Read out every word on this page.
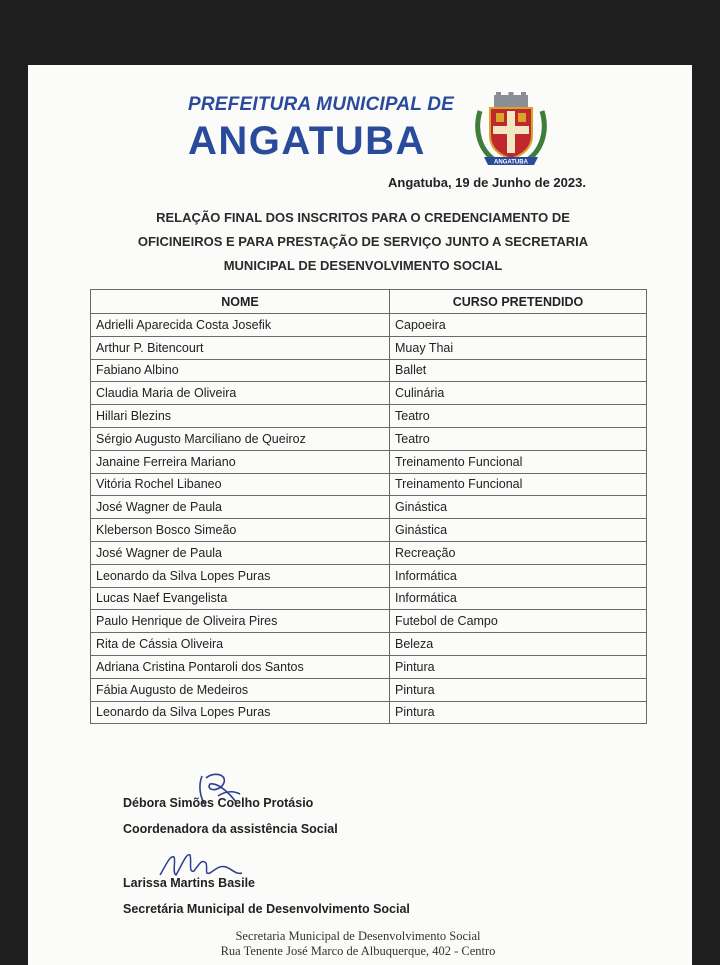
PREFEITURA MUNICIPAL DE
ANGATUBA	ANGATUBA
Angatuba, 19 de Junho de 2023.
RELAÇÃO FINAL DOS INSCRITOS PARA O CREDENCIAMENTO DE
OFICINEIROS E PARA PRESTAÇÃO DE SERVIÇO JUNTO A SECRETARIA
MUNICIPAL DE DESENVOLVIMENTO SOCIAL
NOME	CURSO PRETENDIDO
Adrielli Aparecida Costa Josefik	Capoeira
Arthur P. Bitencourt	Muay Thai
Fabiano Albino	Ballet
Claudia Maria de Oliveira	Culinária
Hillari Blezins	Teatro
Sérgio Augusto Marciliano de Queiroz	Teatro
Janaine Ferreira Mariano	Treinamento Funcional
Vitória Rochel Libaneo	Treinamento Funcional
José Wagner de Paula	Ginástica
Kleberson Bosco Simeão	Ginástica
José Wagner de Paula	Recreação
Leonardo da Silva Lopes Puras	Informática
Lucas Naef Evangelista	Informática
Paulo Henrique de Oliveira Pires	Futebol de Campo
Rita de Cássia Oliveira	Beleza
Adriana Cristina Pontaroli dos Santos	Pintura
Fábia Augusto de Medeiros	Pintura
Leonardo da Silva Lopes Puras	Pintura
Débora Simões Coelho Protásio
Coordenadora da assistência Social
Larissa Martins Basile
Secretária Municipal de Desenvolvimento Social
Secretaria Municipal de Desenvolvimento Social
Rua Tenente José Marco de Albuquerque, 402 - Centro
